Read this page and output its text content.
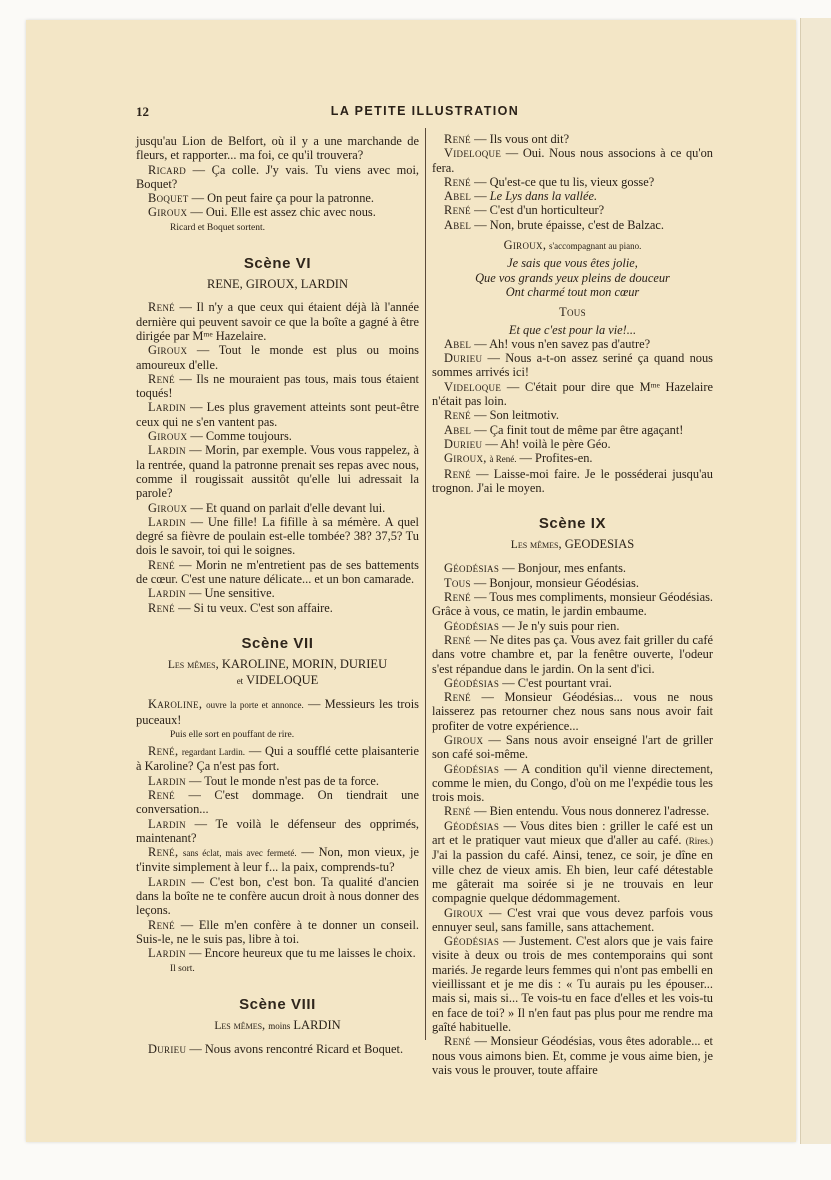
12	LA PETITE ILLUSTRATION

jusqu'au Lion de Belfort, où il y a une marchande de fleurs, et rapporter... ma foi, ce qu'il trouvera?

Ricard — Ça colle. J'y vais. Tu viens avec moi, Boquet?

Boquet — On peut faire ça pour la patronne.

Giroux — Oui. Elle est assez chic avec nous.

Ricard et Boquet sortent.

Scène VI
RENE, GIROUX, LARDIN

René — Il n'y a que ceux qui étaient déjà là l'année dernière qui peuvent savoir ce que la boîte a gagné à être dirigée par Mᵐᵉ Hazelaire.

Giroux — Tout le monde est plus ou moins amoureux d'elle.

René — Ils ne mouraient pas tous, mais tous étaient toqués!

Lardin — Les plus gravement atteints sont peut-être ceux qui ne s'en vantent pas.

Giroux — Comme toujours.

Lardin — Morin, par exemple. Vous vous rappelez, à la rentrée, quand la patronne prenait ses repas avec nous, comme il rougissait aussitôt qu'elle lui adressait la parole?

Giroux — Et quand on parlait d'elle devant lui.

Lardin — Une fille! La fifille à sa mémère. A quel degré sa fièvre de poulain est-elle tombée? 38? 37,5? Tu dois le savoir, toi qui le soignes.

René — Morin ne m'entretient pas de ses battements de cœur. C'est une nature délicate... et un bon camarade.

Lardin — Une sensitive.

René — Si tu veux. C'est son affaire.

Scène VII
Les mêmes, KAROLINE, MORIN, DURIEU
et VIDELOQUE

Karoline, ouvre la porte et annonce. — Messieurs les trois puceaux!

Puis elle sort en pouffant de rire.

René, regardant Lardin. — Qui a soufflé cette plaisanterie à Karoline? Ça n'est pas fort.

Lardin — Tout le monde n'est pas de ta force.

René — C'est dommage. On tiendrait une conversation...

Lardin — Te voilà le défenseur des opprimés, maintenant?

René, sans éclat, mais avec fermeté. — Non, mon vieux, je t'invite simplement à leur f... la paix, comprends-tu?

Lardin — C'est bon, c'est bon. Ta qualité d'ancien dans la boîte ne te confère aucun droit à nous donner des leçons.

René — Elle m'en confère à te donner un conseil. Suis-le, ne le suis pas, libre à toi.

Lardin — Encore heureux que tu me laisses le choix.

Il sort.

Scène VIII
Les mêmes, moins LARDIN

Durieu — Nous avons rencontré Ricard et Boquet.

René — Ils vous ont dit?

Videloque — Oui. Nous nous associons à ce qu'on fera.

René — Qu'est-ce que tu lis, vieux gosse?

Abel — Le Lys dans la vallée.

René — C'est d'un horticulteur?

Abel — Non, brute épaisse, c'est de Balzac.

Giroux, s'accompagnant au piano.

Je sais que vous êtes jolie,
Que vos grands yeux pleins de douceur
Ont charmé tout mon cœur

Tous

Et que c'est pour la vie!...

Abel — Ah! vous n'en savez pas d'autre?

Durieu — Nous a-t-on assez seriné ça quand nous sommes arrivés ici!

Videloque — C'était pour dire que Mᵐᵉ Hazelaire n'était pas loin.

René — Son leitmotiv.

Abel — Ça finit tout de même par être agaçant!

Durieu — Ah! voilà le père Géo.

Giroux, à René. — Profites-en.

René — Laisse-moi faire. Je le posséderai jusqu'au trognon. J'ai le moyen.

Scène IX
Les mêmes, GEODESIAS

Géodésias — Bonjour, mes enfants.

Tous — Bonjour, monsieur Géodésias.

René — Tous mes compliments, monsieur Géodésias. Grâce à vous, ce matin, le jardin embaume.

Géodésias — Je n'y suis pour rien.

René — Ne dites pas ça. Vous avez fait griller du café dans votre chambre et, par la fenêtre ouverte, l'odeur s'est répandue dans le jardin. On la sent d'ici.

Géodésias — C'est pourtant vrai.

René — Monsieur Géodésias... vous ne nous laisserez pas retourner chez nous sans nous avoir fait profiter de votre expérience...

Giroux — Sans nous avoir enseigné l'art de griller son café soi-même.

Géodésias — A condition qu'il vienne directement, comme le mien, du Congo, d'où on me l'expédie tous les trois mois.

René — Bien entendu. Vous nous donnerez l'adresse.

Géodésias — Vous dites bien : griller le café est un art et le pratiquer vaut mieux que d'aller au café. (Rires.) J'ai la passion du café. Ainsi, tenez, ce soir, je dîne en ville chez de vieux amis. Eh bien, leur café détestable me gâterait ma soirée si je ne trouvais en leur compagnie quelque dédommagement.

Giroux — C'est vrai que vous devez parfois vous ennuyer seul, sans famille, sans attachement.

Géodésias — Justement. C'est alors que je vais faire visite à deux ou trois de mes contemporains qui sont mariés. Je regarde leurs femmes qui n'ont pas embelli en vieillissant et je me dis : « Tu aurais pu les épouser... mais si, mais si... Te vois-tu en face d'elles et les vois-tu en face de toi? » Il n'en faut pas plus pour me rendre ma gaîté habituelle.

René — Monsieur Géodésias, vous êtes adorable... et nous vous aimons bien. Et, comme je vous aime bien, je vais vous le prouver, toute affaire
